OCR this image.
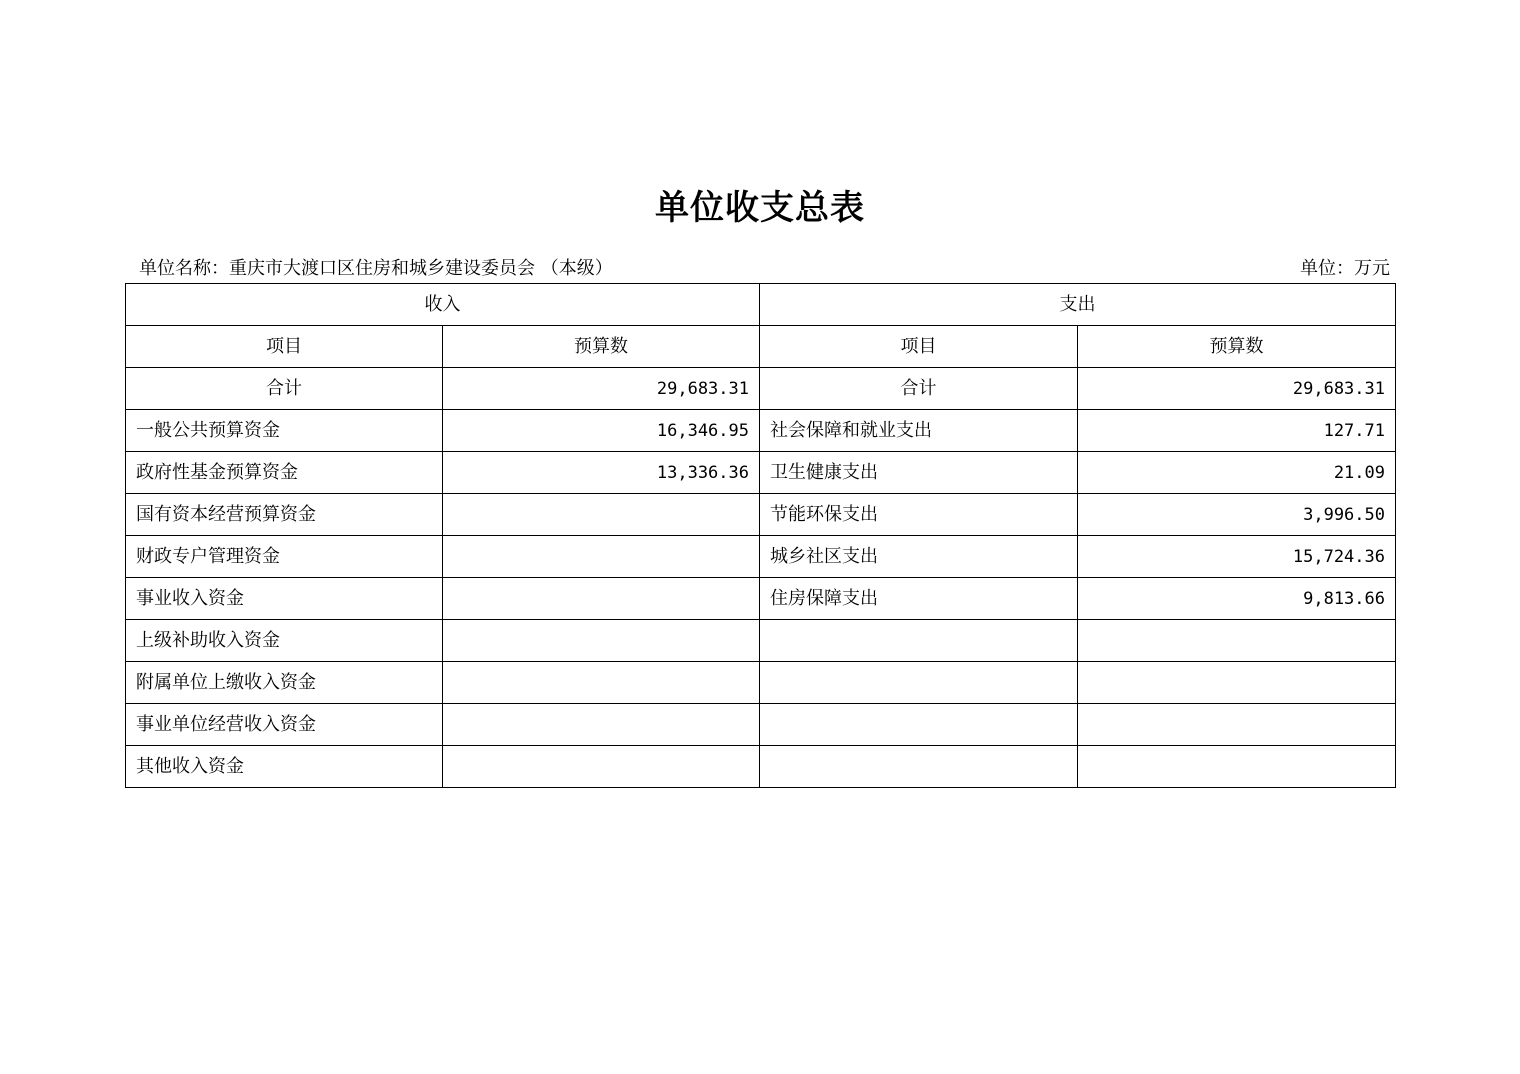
单位收支总表
单位名称：重庆市大渡口区住房和城乡建设委员会 （本级）	单位：万元
收入		支出	
项目	预算数	项目	预算数
合计	29,683.31	合计	29,683.31
一般公共预算资金	16,346.95	社会保障和就业支出	127.71
政府性基金预算资金	13,336.36	卫生健康支出	21.09
国有资本经营预算资金		节能环保支出	3,996.50
财政专户管理资金		城乡社区支出	15,724.36
事业收入资金		住房保障支出	9,813.66
上级补助收入资金			
附属单位上缴收入资金			
事业单位经营收入资金			
其他收入资金			
